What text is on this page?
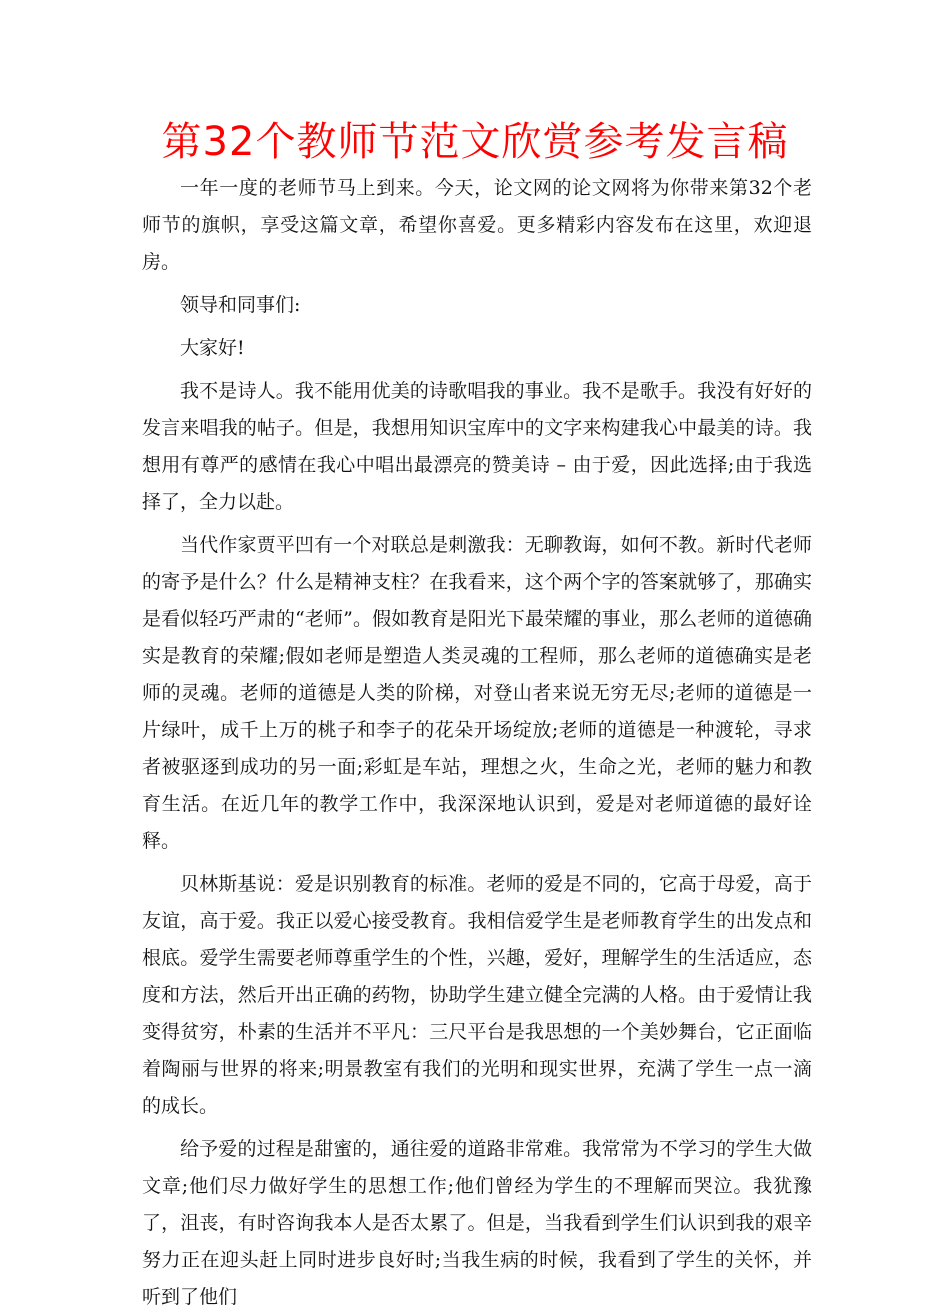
第32个教师节范文欣赏参考发言稿

一年一度的老师节马上到来。今天，论文网的论文网将为你带来第32个老师节的旗帜，享受这篇文章，希望你喜爱。更多精彩内容发布在这里，欢迎退房。

领导和同事们:

大家好!

我不是诗人。我不能用优美的诗歌唱我的事业。我不是歌手。我没有好好的发言来唱我的帖子。但是，我想用知识宝库中的文字来构建我心中最美的诗。我想用有尊严的感情在我心中唱出最漂亮的赞美诗 – 由于爱，因此选择;由于我选择了，全力以赴。

当代作家贾平凹有一个对联总是刺激我：无聊教诲，如何不教。新时代老师的寄予是什么？什么是精神支柱？在我看来，这个两个字的答案就够了，那确实是看似轻巧严肃的“老师”。假如教育是阳光下最荣耀的事业，那么老师的道德确实是教育的荣耀;假如老师是塑造人类灵魂的工程师，那么老师的道德确实是老师的灵魂。老师的道德是人类的阶梯，对登山者来说无穷无尽;老师的道德是一片绿叶，成千上万的桃子和李子的花朵开场绽放;老师的道德是一种渡轮，寻求者被驱逐到成功的另一面;彩虹是车站，理想之火，生命之光，老师的魅力和教育生活。在近几年的教学工作中，我深深地认识到，爱是对老师道德的最好诠释。

贝林斯基说：爱是识别教育的标准。老师的爱是不同的，它高于母爱，高于友谊，高于爱。我正以爱心接受教育。我相信爱学生是老师教育学生的出发点和根底。爱学生需要老师尊重学生的个性，兴趣，爱好，理解学生的生活适应，态度和方法，然后开出正确的药物，协助学生建立健全完满的人格。由于爱情让我变得贫穷，朴素的生活并不平凡：三尺平台是我思想的一个美妙舞台，它正面临着陶丽与世界的将来;明景教室有我们的光明和现实世界，充满了学生一点一滴的成长。

给予爱的过程是甜蜜的，通往爱的道路非常难。我常常为不学习的学生大做文章;他们尽力做好学生的思想工作;他们曾经为学生的不理解而哭泣。我犹豫了，沮丧，有时咨询我本人是否太累了。但是，当我看到学生们认识到我的艰辛努力正在迎头赶上同时进步良好时;当我生病的时候，我看到了学生的关怀，并听到了他们
